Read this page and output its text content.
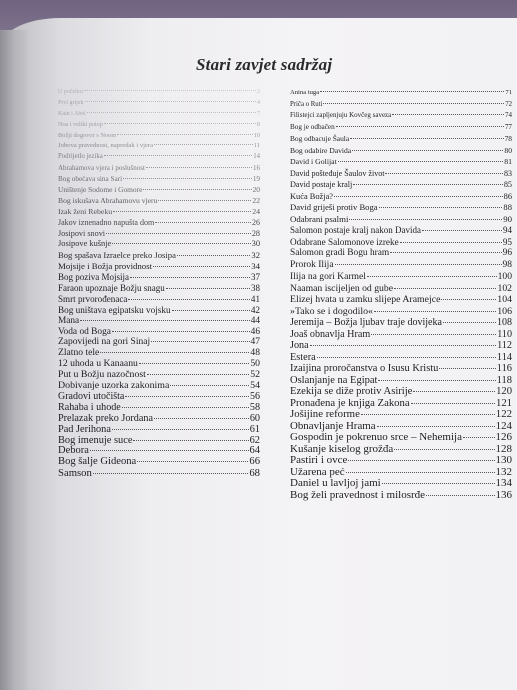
Stari zavjet sadržaj
U početku	2
Prvi grijeh	4
Kain i Abel	7
Noa i veliki potop	8
Božji dogovor s Noom	10
Jobova pravednost, napredak i vjera	11
Podrijetlo jezika	14
Abrahamova vjera i poslušnost	16
Bog obećava sina Sari	19
Uništenje Sodome i Gomore	20
Bog iskušava Abrahamovu vjeru	22
Izak ženi Rebeku	24
Jakov iznenadno napušta dom	26
Josipovi snovi	28
Josipove kušnje	30
Bog spašava Izraelce preko Josipa	32
Mojsije i Božja providnost	34
Bog poziva Mojsija	37
Faraon upoznaje Božju snagu	38
Smrt prvorođenaca	41
Bog uništava egipatsku vojsku	42
Mana	44
Voda od Boga	46
Zapovijedi na gori Sinaj	47
Zlatno tele	48
12 uhoda u Kanaanu	50
Put u Božju nazočnost	52
Dobivanje uzorka zakonima	54
Gradovi utočišta	56
Rahaba i uhode	58
Prelazak preko Jordana	60
Pad Jerihona	61
Bog imenuje suce	62
Debora	64
Bog šalje Gideona	66
Samson	68
Anina tuga	71
Priča o Ruti	72
Filistejci zapljenjuju Kovčeg saveza	74
Bog je odbačen	77
Bog odbacuje Šaula	78
Bog odabire Davida	80
David i Golijat	81
David pošteđuje Šaulov život	83
David postaje kralj	85
Kuća Božja?	86
David griješi protiv Boga	88
Odabrani psalmi	90
Salomon postaje kralj nakon Davida	94
Odabrane Salomonove izreke	95
Salomon gradi Bogu hram	96
Prorok Ilija	98
Ilija na gori Karmel	100
Naaman iscijeljen od gube	102
Elizej hvata u zamku slijepe Aramejce	104
»Tako se i dogodilo«	106
Jeremija – Božja ljubav traje dovijeka	108
Joaš obnavlja Hram	110
Jona	112
Estera	114
Izaijina proročanstva o Isusu Kristu	116
Oslanjanje na Egipat	118
Ezekija se diže protiv Asirije	120
Pronađena je knjiga Zakona	121
Jošijine reforme	122
Obnavljanje Hrama	124
Gospodin je pokrenuo srce – Nehemija	126
Kušanje kiselog grožđa	128
Pastiri i ovce	130
Užarena peć	132
Daniel u lavljoj jami	134
Bog želi pravednost i milosrđe	136
